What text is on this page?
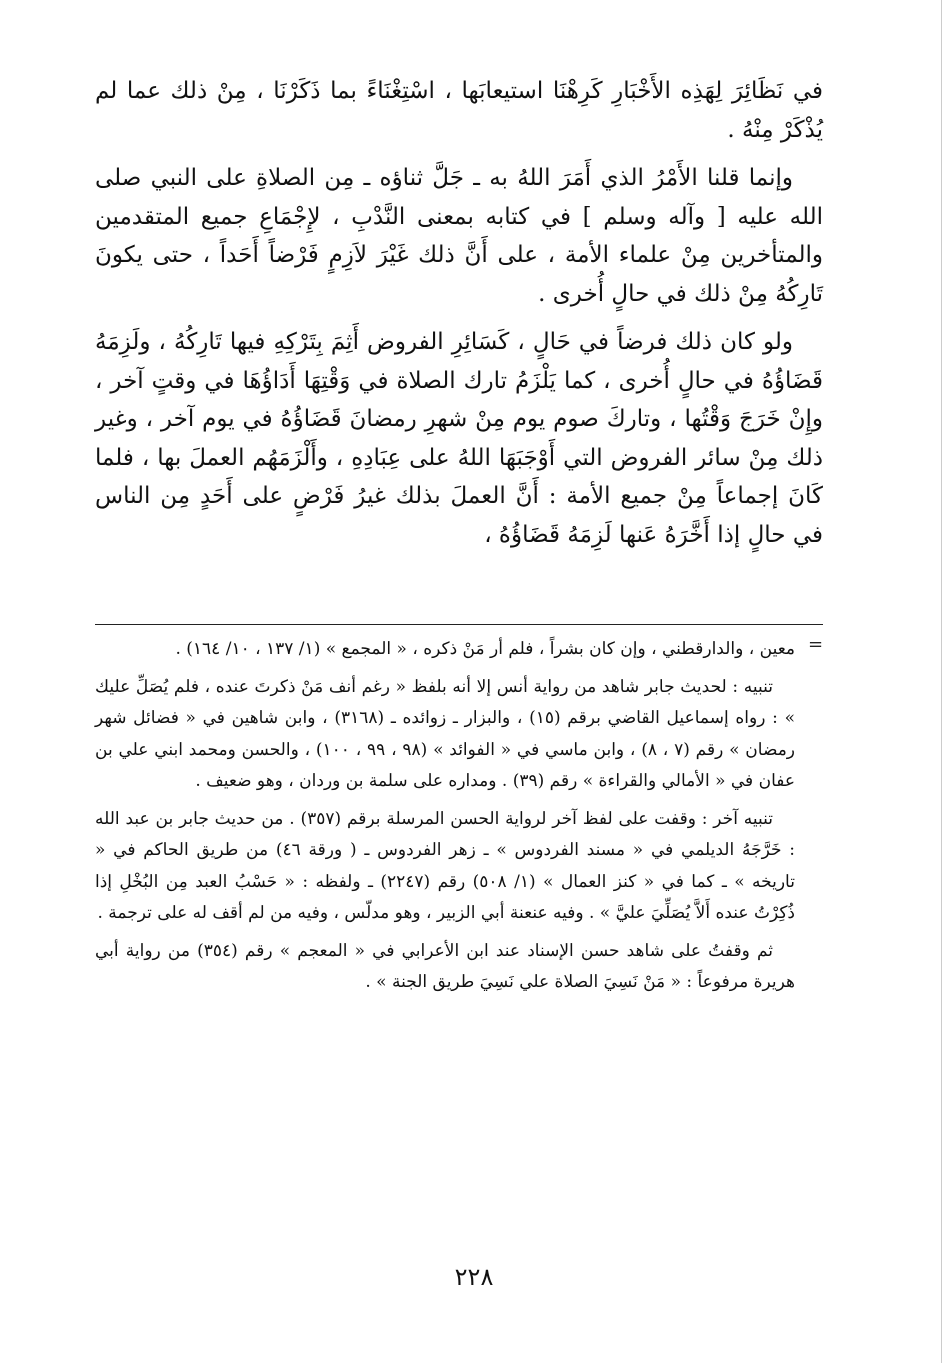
في نَظَائِرَ لِهَذِه الأَخْبَارِ كَرِهْنَا استيعابَها ، اسْتِغْنَاءً بما ذَكَرْنَا ، مِنْ ذلك عما لم يُذْكَرْ مِنْهُ .

وإنما قلنا الأَمْرُ الذي أَمَرَ اللهُ به ـ جَلَّ ثناؤه ـ مِن الصلاةِ على النبي صلى الله عليه [ وآله وسلم ] في كتابه بمعنى النَّدْبِ ، لإِجْمَاعِ جميع المتقدمين والمتأخرين مِنْ علماء الأمة ، على أَنَّ ذلك غَيْرَ لاَزِمٍ فَرْضاً أَحَداً ، حتى يكونَ تَارِكُهُ مِنْ ذلك في حالٍ أُخرى .

ولو كان ذلك فرضاً في حَالٍ ، كَسَائِرِ الفروض أَثِمَ بِتَرْكِهِ فيها تَارِكُهُ ، ولَزِمَهُ قَضَاؤُهُ في حالٍ أُخرى ، كما يَلْزَمُ تارك الصلاة في وَقْتِهَا أَدَاؤُهَا في وقتٍ آخر ، وإِنْ خَرَجَ وَقْتُها ، وتاركَ صوم يوم مِنْ شهرِ رمضانَ قَضَاؤُهُ في يوم آخر ، وغير ذلك مِنْ سائر الفروض التي أَوْجَبَهَا اللهُ على عِبَادِهِ ، وأَلْزَمَهُم العملَ بها ، فلما كَانَ إجماعاً مِنْ جميع الأمة : أَنَّ العملَ بذلك غيرُ فَرْضٍ على أَحَدٍ مِن الناس في حالٍ إذا أَخَّرَهُ عَنها لَزِمَهُ قَضَاؤُهُ ،

=

معين ، والدارقطني ، وإن كان بشراً ، فلم أر مَنْ ذكره ، « المجمع » (١/ ١٣٧ ، ١٠/ ١٦٤) .

تنبيه : لحديث جابر شاهد من رواية أنس إلا أنه بلفظ « رغم أنف مَنْ ذكرتَ عنده ، فلم يُصَلِّ عليك » : رواه إسماعيل القاضي برقم (١٥) ، والبزار ـ زوائده ـ (٣١٦٨) ، وابن شاهين في « فضائل شهر رمضان » رقم (٧ ، ٨) ، وابن ماسي في « الفوائد » (٩٨ ، ٩٩ ، ١٠٠) ، والحسن ومحمد ابني علي بن عفان في « الأمالي والقراءة » رقم (٣٩) . ومداره على سلمة بن وردان ، وهو ضعيف .

تنبيه آخر : وقفت على لفظ آخر لرواية الحسن المرسلة برقم (٣٥٧) . من حديث جابر بن عبد الله : خَرَّجَهُ الديلمي في « مسند الفردوس » ـ زهر الفردوس ـ ( ورقة ٤٦) من طريق الحاكم في « تاريخه » ـ كما في « كنز العمال » (١/ ٥٠٨) رقم (٢٢٤٧) ـ ولفظه : « حَسْبُ العبد مِن البُخْلِ إذا ذُكِرْتُ عنده أَلاَّ يُصَلِّيَ عليَّ » . وفيه عنعنة أبي الزبير ، وهو مدلّس ، وفيه من لم أقف له على ترجمة .

ثم وقفتُ على شاهد حسن الإسناد عند ابن الأعرابي في « المعجم » رقم (٣٥٤) من رواية أبي هريرة مرفوعاً : « مَنْ نَسِيَ الصلاة علي نَسِيَ طريق الجنة » .

٢٢٨
